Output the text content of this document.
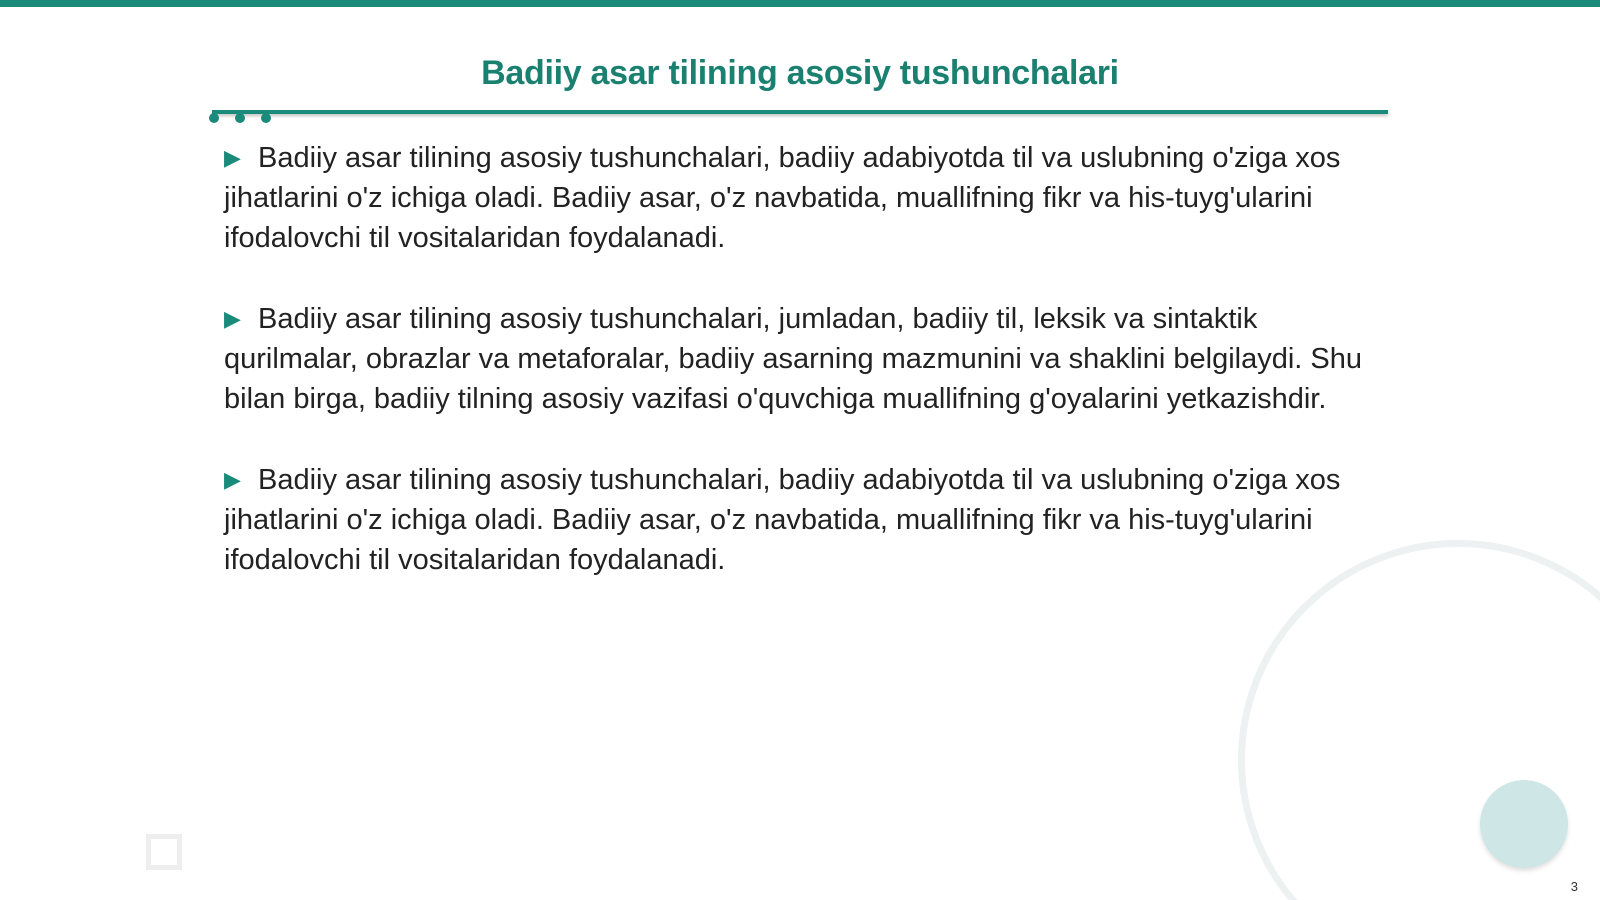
Badiiy asar tilining asosiy tushunchalari

▶ Badiiy asar tilining asosiy tushunchalari, badiiy adabiyotda til va uslubning o'ziga xos jihatlarini o'z ichiga oladi. Badiiy asar, o'z navbatida, muallifning fikr va his-tuyg'ularini ifodalovchi til vositalaridan foydalanadi.

▶ Badiiy asar tilining asosiy tushunchalari, jumladan, badiiy til, leksik va sintaktik qurilmalar, obrazlar va metaforalar, badiiy asarning mazmunini va shaklini belgilaydi. Shu bilan birga, badiiy tilning asosiy vazifasi o'quvchiga muallifning g'oyalarini yetkazishdir.

▶ Badiiy asar tilining asosiy tushunchalari, badiiy adabiyotda til va uslubning o'ziga xos jihatlarini o'z ichiga oladi. Badiiy asar, o'z navbatida, muallifning fikr va his-tuyg'ularini ifodalovchi til vositalaridan foydalanadi.

3
